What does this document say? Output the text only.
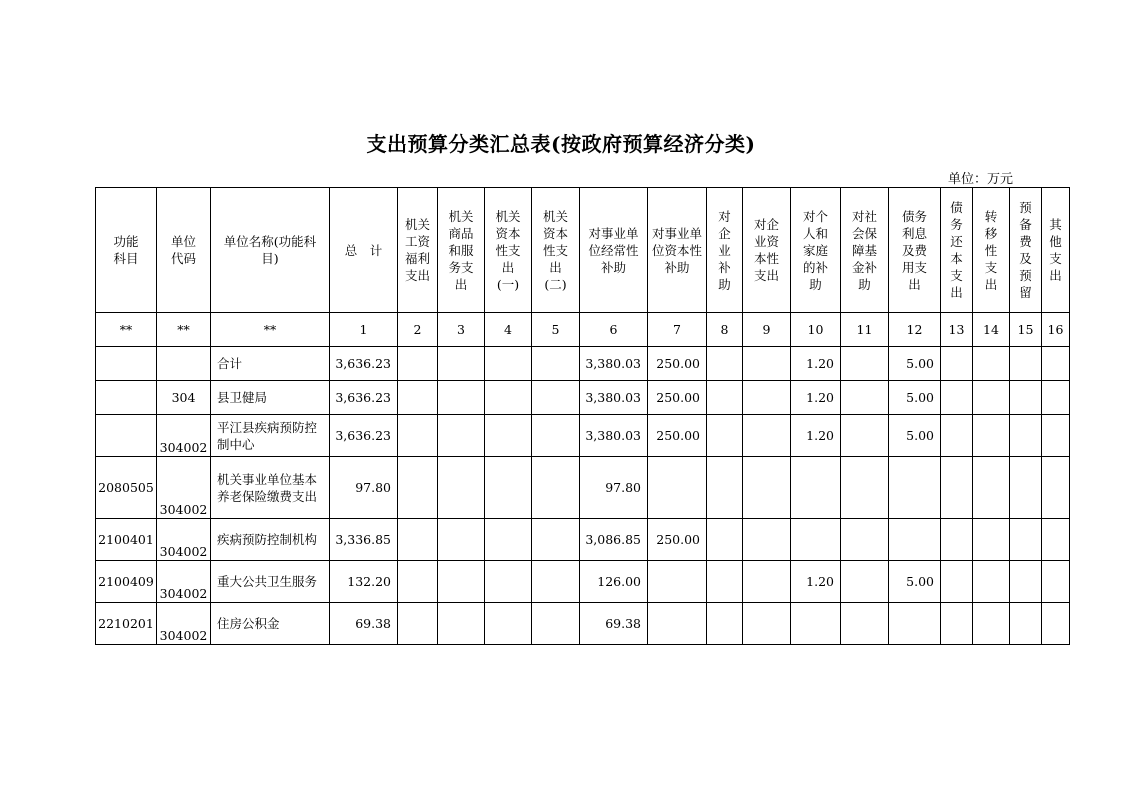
支出预算分类汇总表(按政府预算经济分类)
单位：万元
功能科目	单位代码	单位名称(功能科目)	总　计	机关工资福利支出	机关商品和服务支出	机关资本性支出(一)	机关资本性支出(二)	对事业单位经常性补助	对事业单位资本性补助	对企业补助	对企业资本性支出	对个人和家庭的补助	对社会保障基金补助	债务利息及费用支出	债务还本支出	转移性支出	预备费及预留	其他支出
**	**	**	1	2	3	4	5	6	7	8	9	10	11	12	13	14	15	16
		合计	3,636.23					3,380.03	250.00			1.20		5.00				
	304	县卫健局	3,636.23					3,380.03	250.00			1.20		5.00				
	304002	平江县疾病预防控制中心	3,636.23					3,380.03	250.00			1.20		5.00				
2080505	304002	机关事业单位基本养老保险缴费支出	97.80					97.80										
2100401	304002	疾病预防控制机构	3,336.85					3,086.85	250.00									
2100409	304002	重大公共卫生服务	132.20					126.00				1.20		5.00				
2210201	304002	住房公积金	69.38					69.38										
